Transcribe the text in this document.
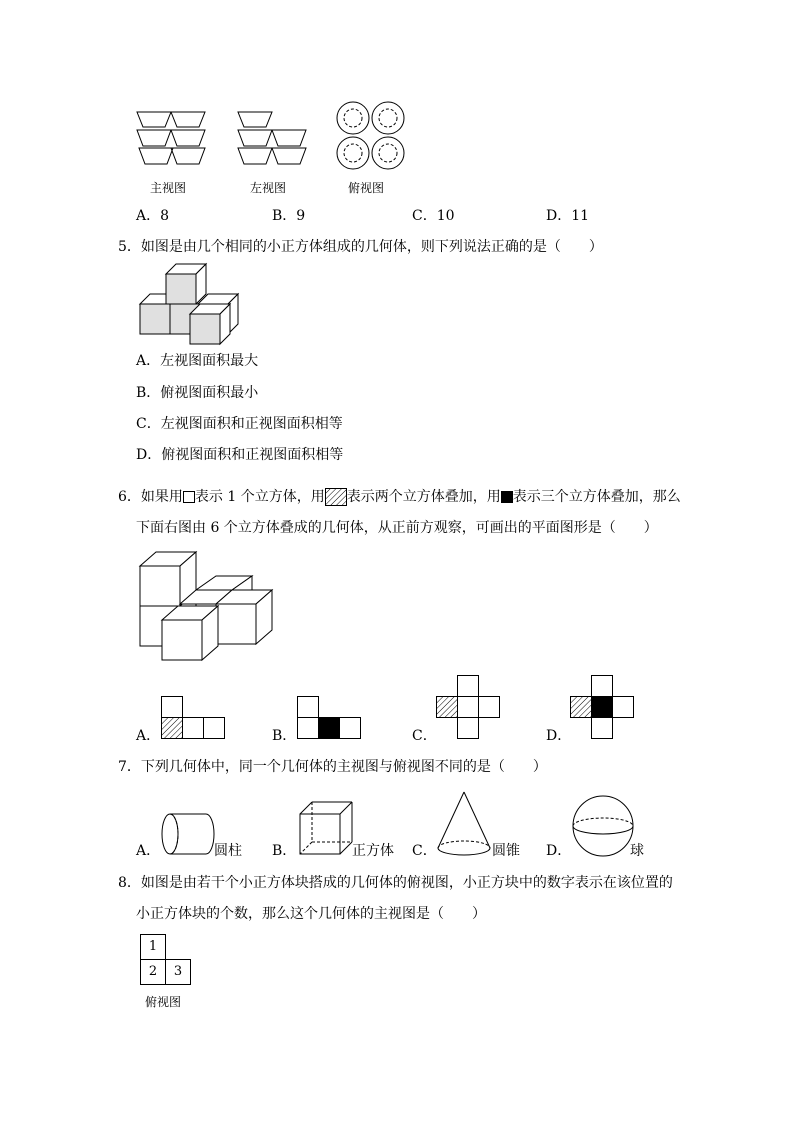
主视图	左视图	俯视图
A．8	B．9	C．10	D．11
5．如图是由几个相同的小正方体组成的几何体，则下列说法正确的是（　　）
A．左视图面积最大
B．俯视图面积最小
C．左视图面积和正视图面积相等
D．俯视图面积和正视图面积相等
6．如果用 表示 1 个立方体，用 表示两个立方体叠加，用 表示三个立方体叠加，那么
下面右图由 6 个立方体叠成的几何体，从正前方观察，可画出的平面图形是（　　）
A．	B．	C．	D．
7．下列几何体中，同一个几何体的主视图与俯视图不同的是（　　）
A．	圆柱 B．	正方体 C．	圆锥 D．	球
8．如图是由若干个小正方体块搭成的几何体的俯视图，小正方块中的数字表示在该位置的
小正方体块的个数，那么这个几何体的主视图是（　　）
1
2	3
俯视图
